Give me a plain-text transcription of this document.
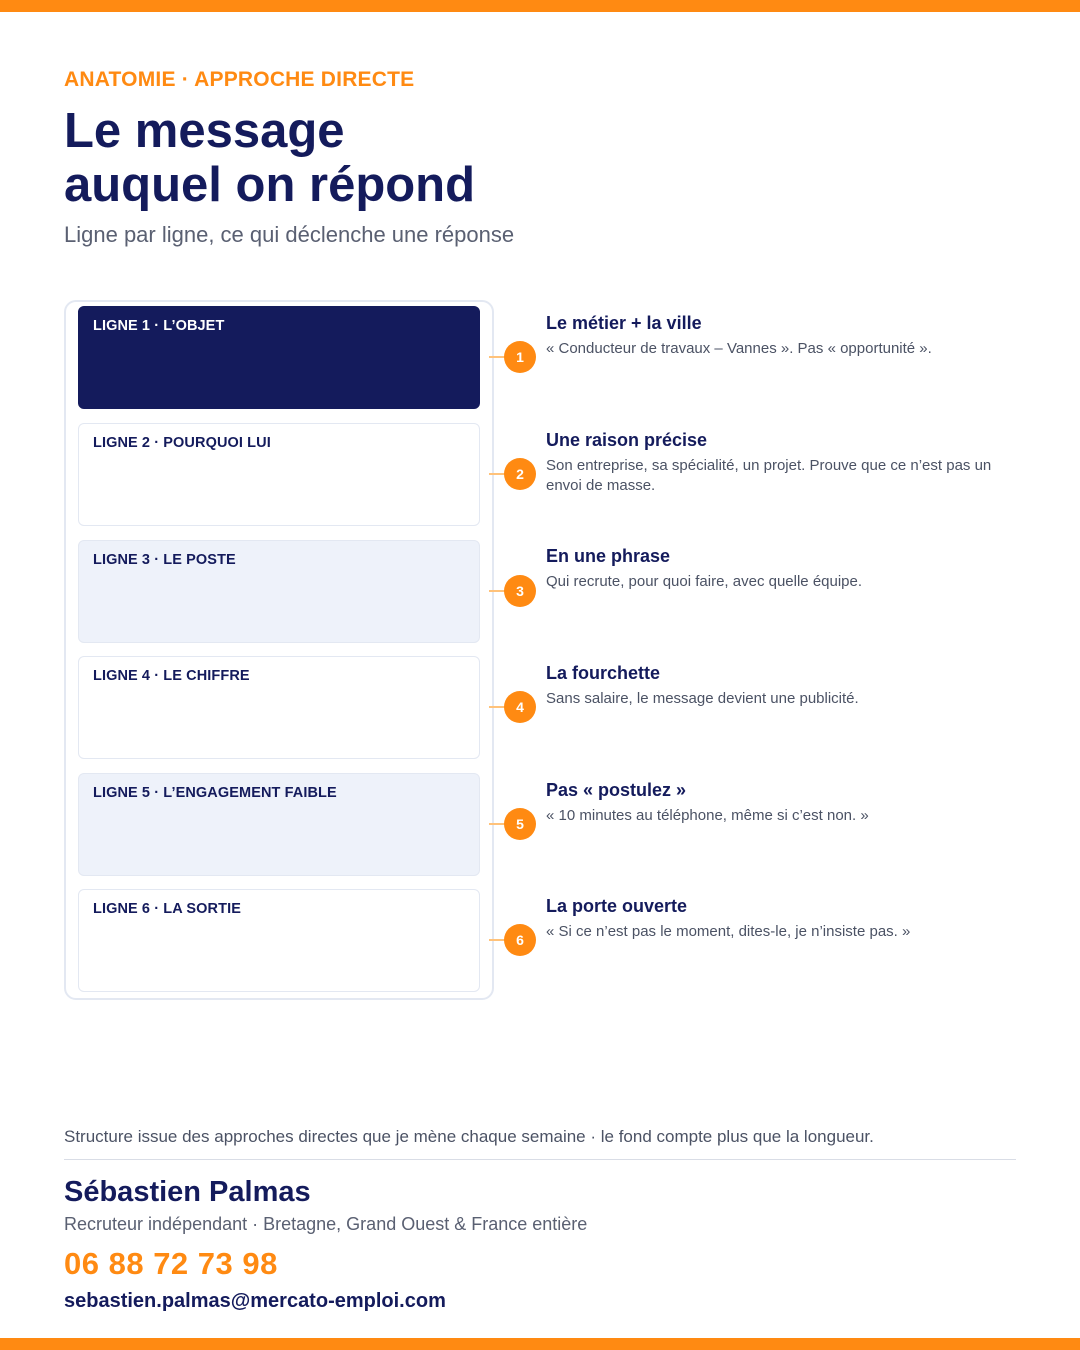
ANATOMIE · APPROCHE DIRECTE
Le message
auquel on répond
Ligne par ligne, ce qui déclenche une réponse
LIGNE 1 · L’OBJET
1
Le métier + la ville
« Conducteur de travaux – Vannes ». Pas « opportunité ».
LIGNE 2 · POURQUOI LUI
2
Une raison précise
Son entreprise, sa spécialité, un projet. Prouve que ce n’est pas un envoi de masse.
LIGNE 3 · LE POSTE
3
En une phrase
Qui recrute, pour quoi faire, avec quelle équipe.
LIGNE 4 · LE CHIFFRE
4
La fourchette
Sans salaire, le message devient une publicité.
LIGNE 5 · L’ENGAGEMENT FAIBLE
5
Pas « postulez »
« 10 minutes au téléphone, même si c’est non. »
LIGNE 6 · LA SORTIE
6
La porte ouverte
« Si ce n’est pas le moment, dites-le, je n’insiste pas. »
Structure issue des approches directes que je mène chaque semaine · le fond compte plus que la longueur.
Sébastien Palmas
Recruteur indépendant · Bretagne, Grand Ouest & France entière
06 88 72 73 98
sebastien.palmas@mercato-emploi.com
